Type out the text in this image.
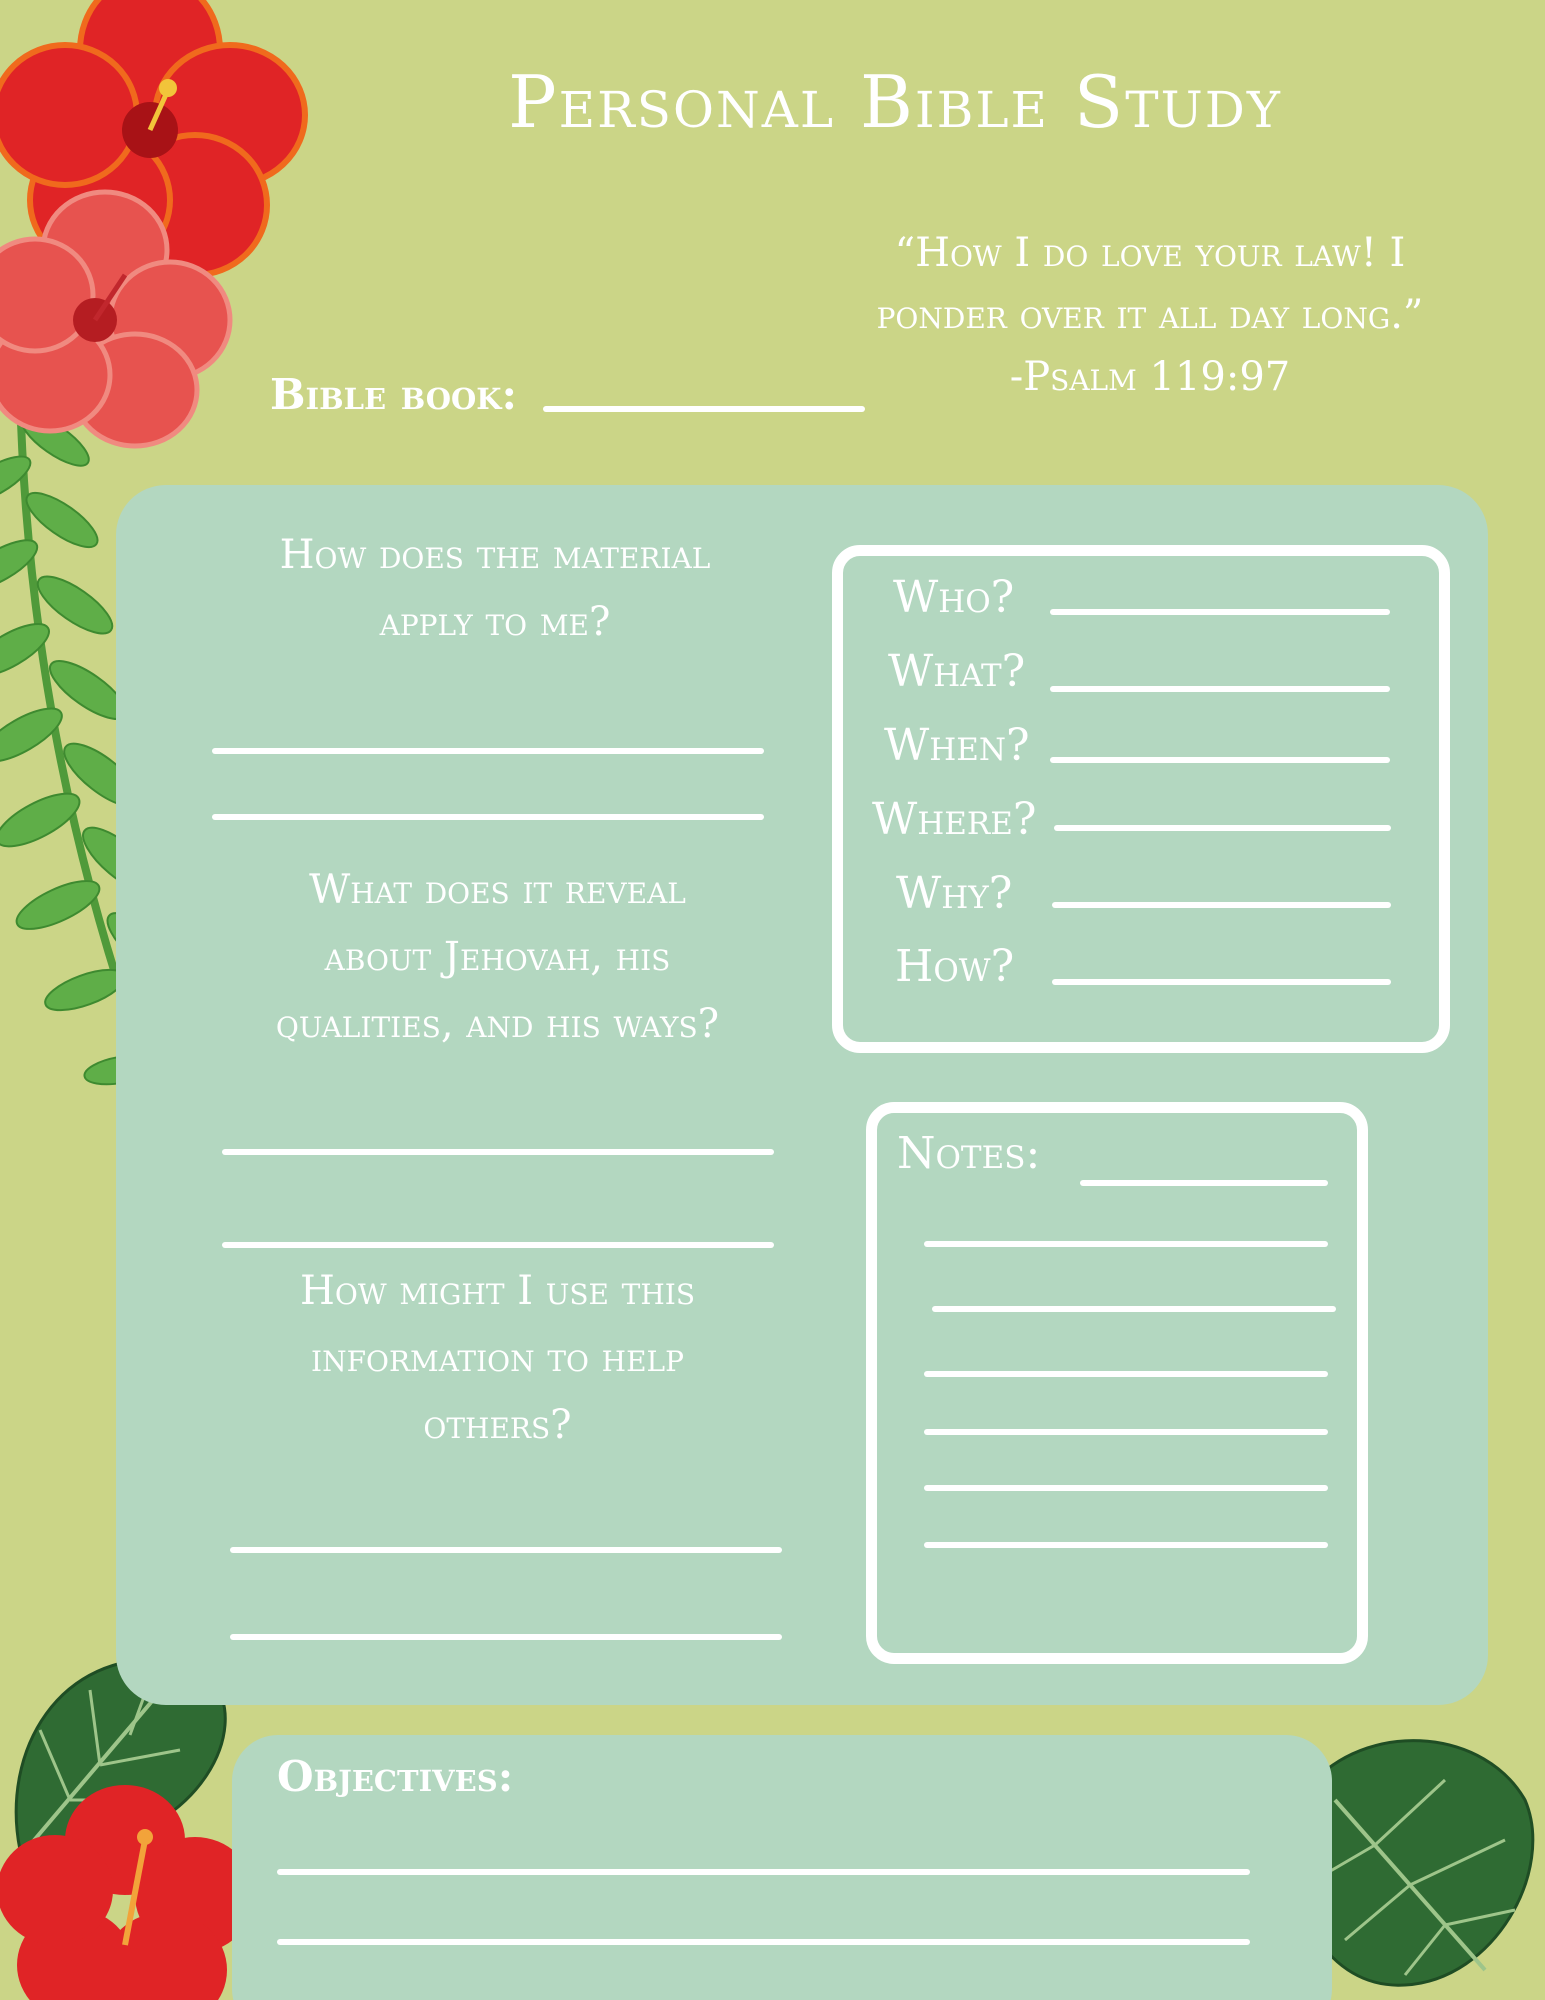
Personal Bible Study
“How I do love your law! I
ponder over it all day long.”
-Psalm 119:97
Bible book:
How does the material
apply to me?
What does it reveal
about Jehovah, his
qualities, and his ways?
How might I use this
information to help
others?
Who?
What?
When?
Where?
Why?
How?
Notes:
Objectives:
